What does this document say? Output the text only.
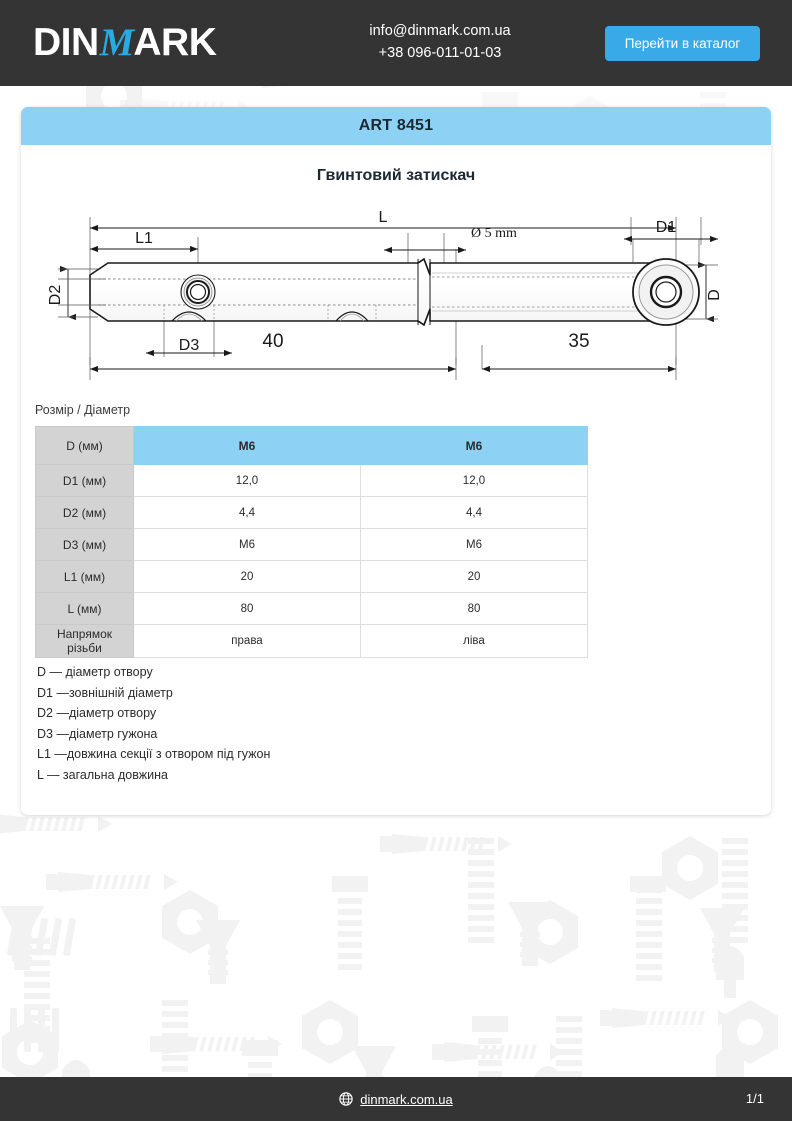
DINMARK	info@dinmark.com.ua
+38 096-011-01-03
Перейти в каталог
ART 8451
Гвинтовий затискач
L
L1
D3	40	35
D1
D2	D
Ø 5 mm
Розмір / Діаметр
D (мм)	M6	M6
D1 (мм)	12,0	12,0
D2 (мм)	4,4	4,4
D3 (мм)	M6	M6
L1 (мм)	20	20
L (мм)	80	80
Напрямок різьби	права	ліва
D — діаметр отвору
D1 —зовнішній діаметр
D2 —діаметр отвору
D3 —діаметр гужона
L1 —довжина секції з отвором під гужон
L — загальна довжина
dinmark.com.ua	1/1
